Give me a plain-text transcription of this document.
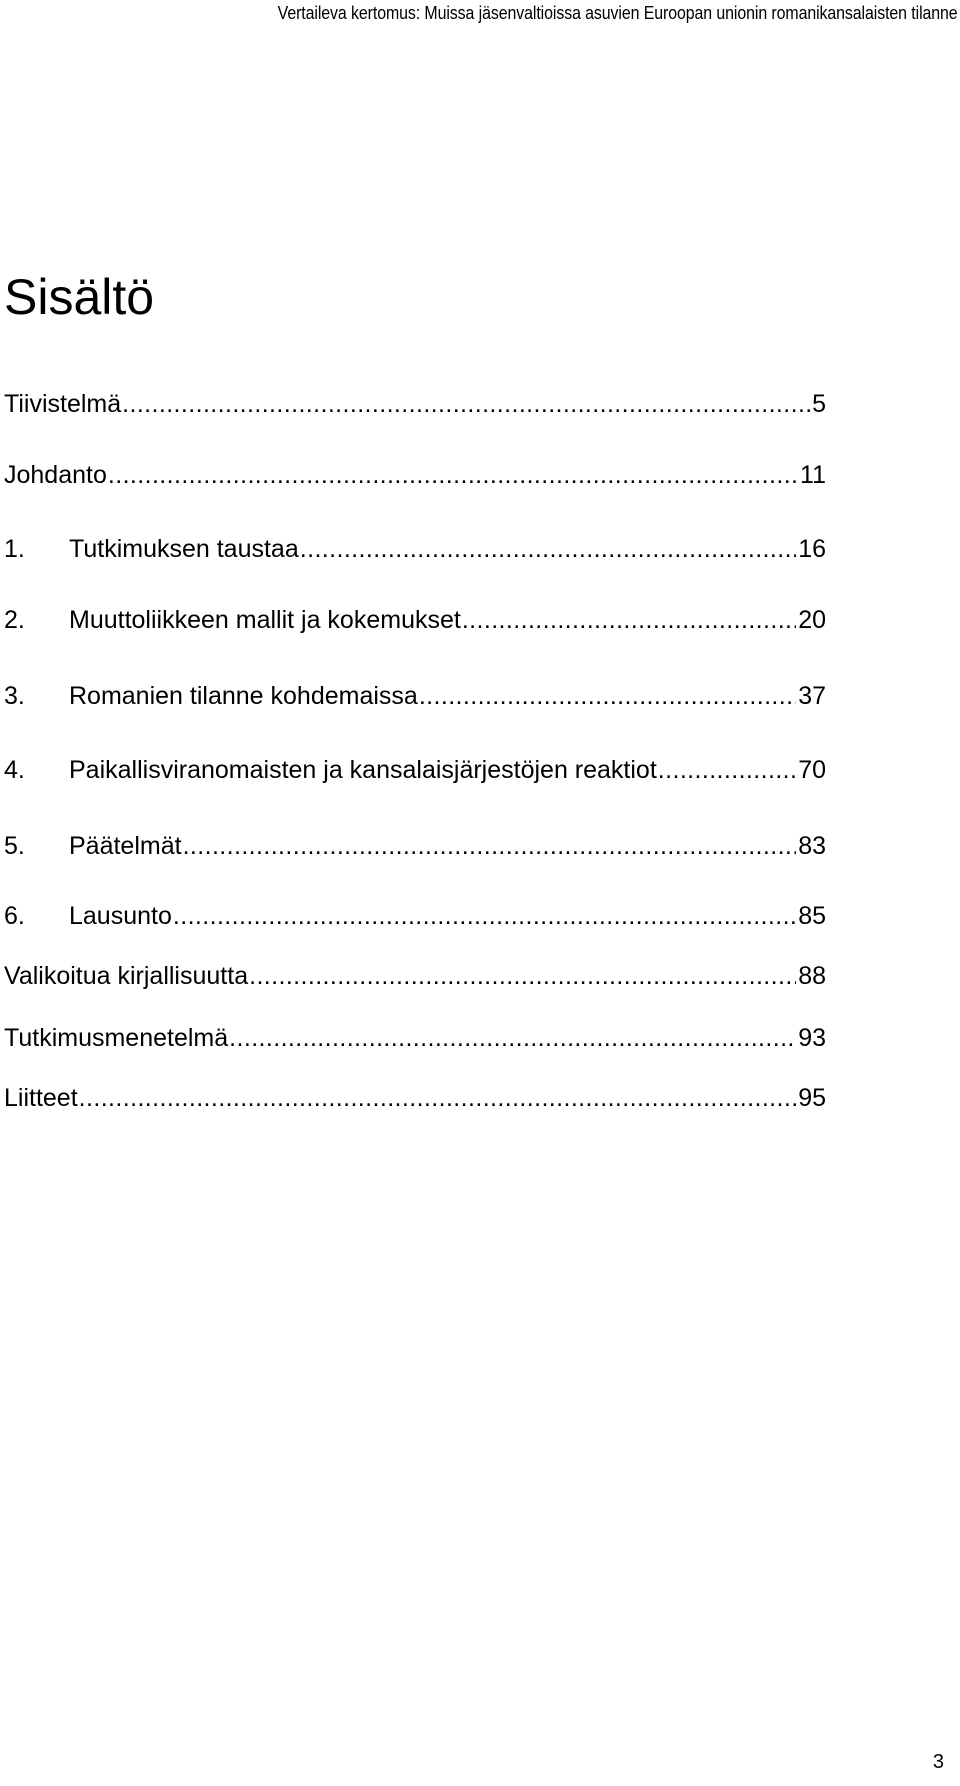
Vertaileva kertomus: Muissa jäsenvaltioissa asuvien Euroopan unionin romanikansalaisten tilanne
Sisältö
Tiivistelmä .....	5
Johdanto .....	11
1.	Tutkimuksen taustaa .....	16
2.	Muuttoliikkeen mallit ja kokemukset .....	20
3.	Romanien tilanne kohdemaissa .....	37
4.	Paikallisviranomaisten ja kansalaisjärjestöjen reaktiot .....	70
5.	Päätelmät .....	83
6.	Lausunto .....	85
Valikoitua kirjallisuutta .....	88
Tutkimusmenetelmä .....	93
Liitteet .....	95
3
